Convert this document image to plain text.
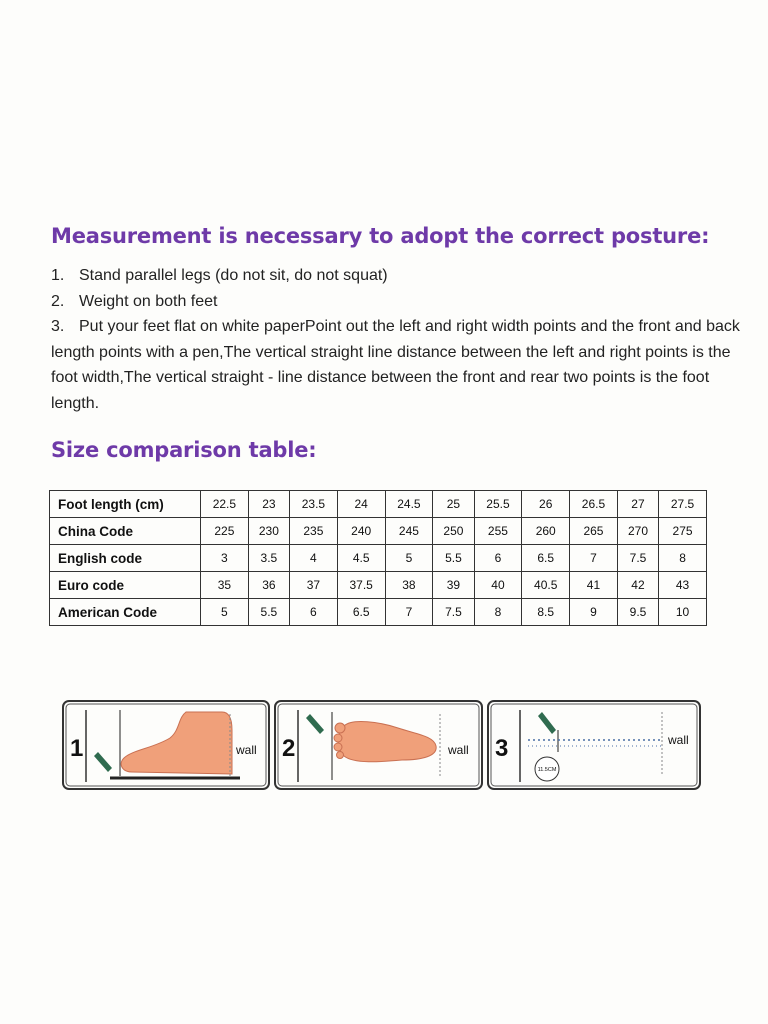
Measurement is necessary to adopt the correct posture:

1. Stand parallel legs (do not sit, do not squat)

2. Weight on both feet

3. Put your feet flat on white paperPoint out the left and right width points and the front and back length points with a pen,The vertical straight line distance between the left and right points is the foot width,The vertical straight - line distance between the front and rear two points is the foot length.

Size comparison table:
Foot length (cm)	22.5	23	23.5	24	24.5	25	25.5	26	26.5	27	27.5
China Code	225	230	235	240	245	250	255	260	265	270	275
English code	3	3.5	4	4.5	5	5.5	6	6.5	7	7.5	8
Euro code	35	36	37	37.5	38	39	40	40.5	41	42	43
American Code	5	5.5	6	6.5	7	7.5	8	8.5	9	9.5	10
1	wall 2	wall 3	wall
11.5CM
